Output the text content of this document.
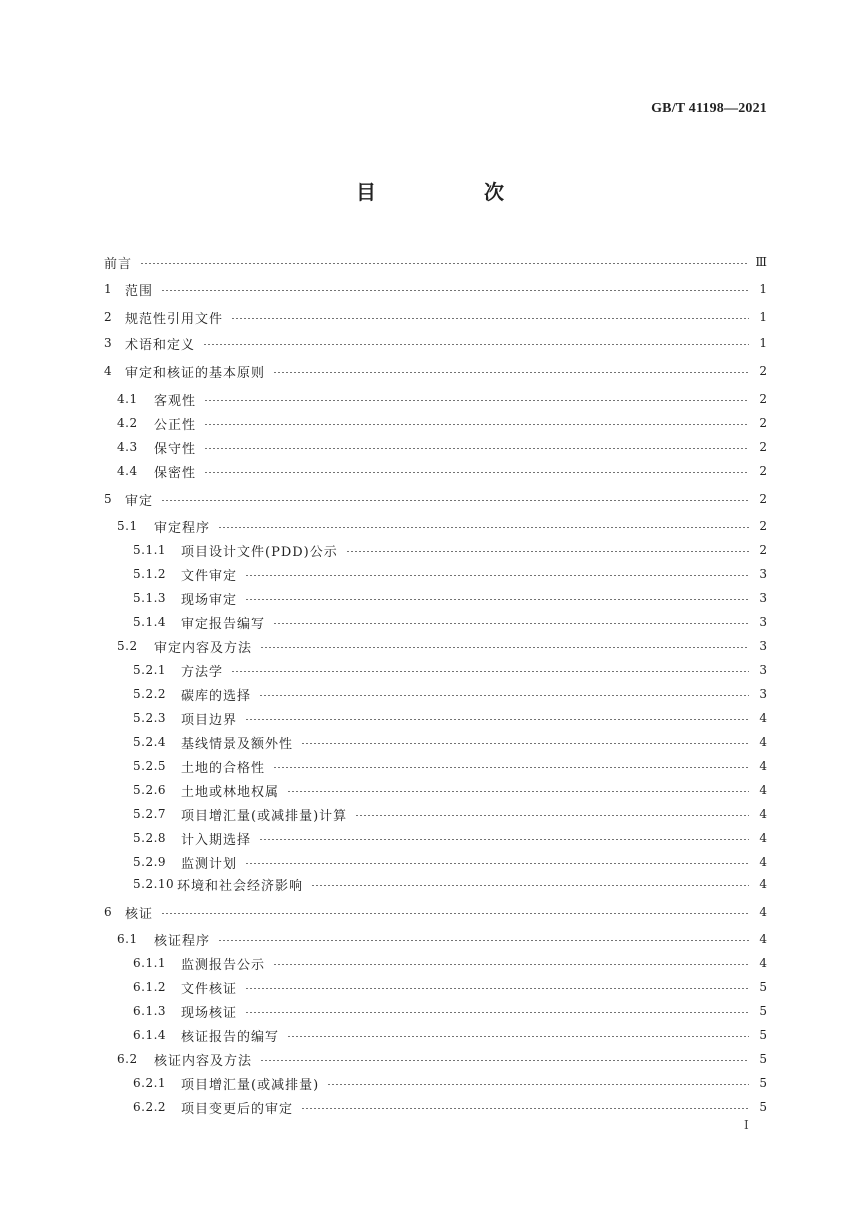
GB/T 41198—2021
目　次
前言	Ⅲ
1 范围	1
2 规范性引用文件	1
3 术语和定义	1
4 审定和核证的基本原则	2
4.1	客观性	2
4.2	公正性	2
4.3	保守性	2
4.4	保密性	2
5 审定	2
5.1	审定程序	2
5.1.1	项目设计文件(PDD)公示	2
5.1.2	文件审定	3
5.1.3	现场审定	3
5.1.4	审定报告编写	3
5.2	审定内容及方法	3
5.2.1	方法学	3
5.2.2	碳库的选择	3
5.2.3	项目边界	4
5.2.4	基线情景及额外性	4
5.2.5	土地的合格性	4
5.2.6	土地或林地权属	4
5.2.7	项目增汇量(或减排量)计算	4
5.2.8	计入期选择	4
5.2.9	监测计划	4
5.2.10 环境和社会经济影响	4
6 核证	4
6.1	核证程序	4
6.1.1	监测报告公示	4
6.1.2	文件核证	5
6.1.3	现场核证	5
6.1.4	核证报告的编写	5
6.2	核证内容及方法	5
6.2.1	项目增汇量(或减排量)	5
6.2.2	项目变更后的审定	5
Ⅰ
